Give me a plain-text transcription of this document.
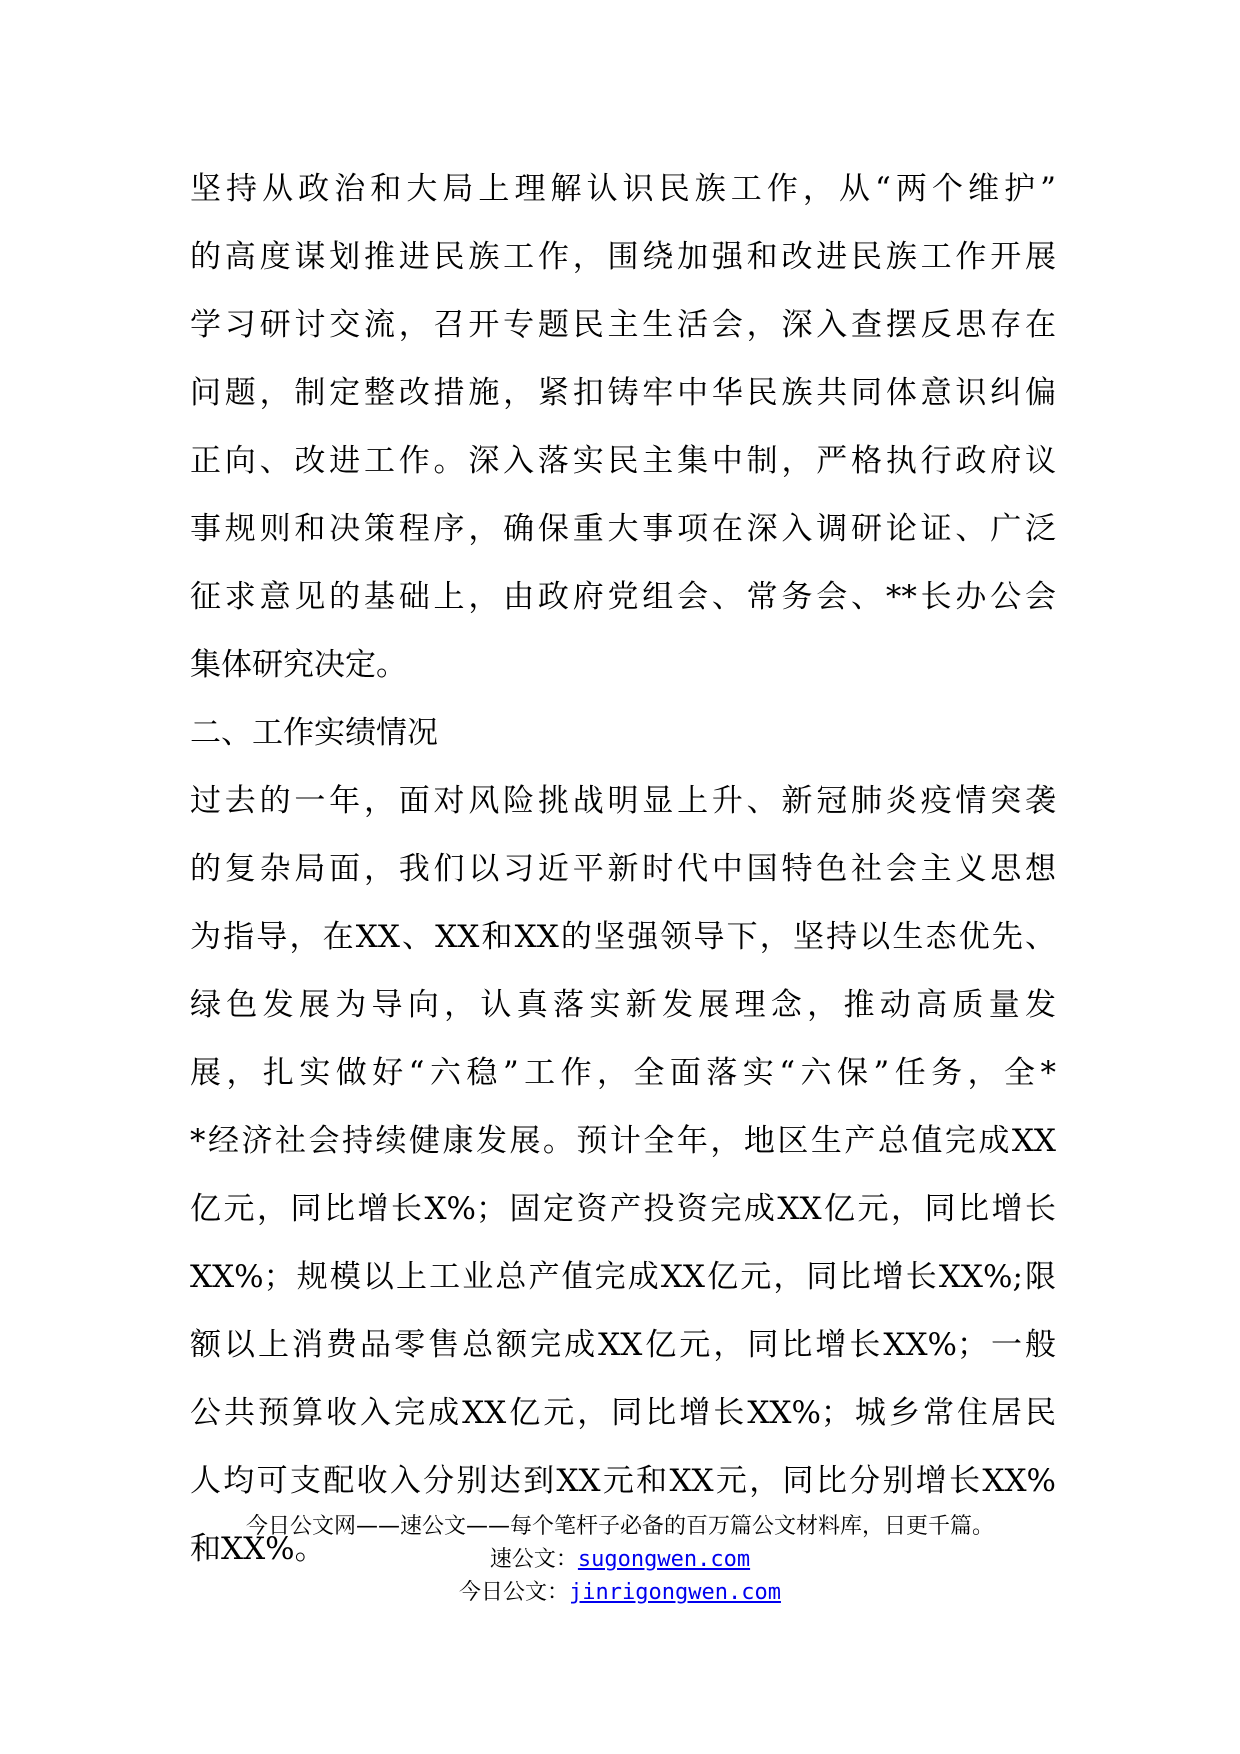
坚持从政治和大局上理解认识民族工作，从“两个维护”
的高度谋划推进民族工作，围绕加强和改进民族工作开展
学习研讨交流，召开专题民主生活会，深入查摆反思存在
问题，制定整改措施，紧扣铸牢中华民族共同体意识纠偏
正向、改进工作。深入落实民主集中制，严格执行政府议
事规则和决策程序，确保重大事项在深入调研论证、广泛
征求意见的基础上，由政府党组会、常务会、**长办公会
集体研究决定。
二、工作实绩情况
过去的一年，面对风险挑战明显上升、新冠肺炎疫情突袭
的复杂局面，我们以习近平新时代中国特色社会主义思想
为指导，在XX、XX和XX的坚强领导下，坚持以生态优先、
绿色发展为导向，认真落实新发展理念，推动高质量发
展，扎实做好“六稳”工作，全面落实“六保”任务，全*
*经济社会持续健康发展。预计全年，地区生产总值完成XX
亿元，同比增长X%；固定资产投资完成XX亿元，同比增长
XX%；规模以上工业总产值完成XX亿元，同比增长XX%;限
额以上消费品零售总额完成XX亿元，同比增长XX%；一般
公共预算收入完成XX亿元，同比增长XX%；城乡常住居民
人均可支配收入分别达到XX元和XX元，同比分别增长XX%
和XX%。
今日公文网——速公文——每个笔杆子必备的百万篇公文材料库，日更千篇。
速公文：sugongwen.com
今日公文：jinrigongwen.com
